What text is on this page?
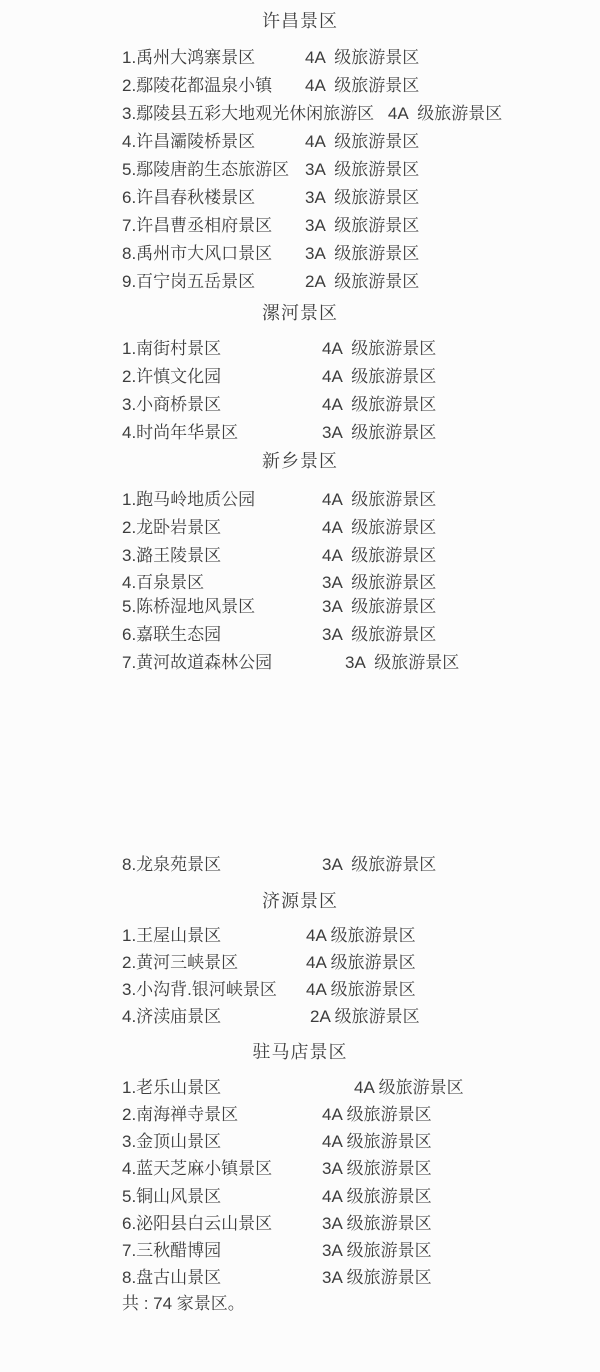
许昌景区
1.禹州大鸿寨景区	4A  级旅游景区
2.鄢陵花都温泉小镇 4A  级旅游景区
3.鄢陵县五彩大地观光休闲旅游区 4A  级旅游景区
4.许昌灞陵桥景区	4A  级旅游景区
5.鄢陵唐韵生态旅游区 3A  级旅游景区
6.许昌春秋楼景区	3A  级旅游景区
7.许昌曹丞相府景区 3A  级旅游景区
8.禹州市大风口景区 3A  级旅游景区
9.百宁岗五岳景区	2A  级旅游景区
漯河景区
1.南街村景区	4A  级旅游景区
2.许慎文化园	4A  级旅游景区
3.小商桥景区	4A  级旅游景区
4.时尚年华景区	3A  级旅游景区
新乡景区
1.跑马岭地质公园	4A  级旅游景区
2.龙卧岩景区	4A  级旅游景区
3.潞王陵景区	4A  级旅游景区
4.百泉景区	3A  级旅游景区
5.陈桥湿地风景区	3A  级旅游景区
6.嘉联生态园	3A  级旅游景区
7.黄河故道森林公园	3A  级旅游景区
8.龙泉苑景区	3A  级旅游景区
济源景区
1.王屋山景区	4A 级旅游景区
2.黄河三峡景区	4A 级旅游景区
3.小沟背.银河峡景区 4A 级旅游景区
4.济渎庙景区	2A 级旅游景区
驻马店景区
1.老乐山景区	4A 级旅游景区
2.南海禅寺景区	4A 级旅游景区
3.金顶山景区	4A 级旅游景区
4.蓝天芝麻小镇景区	3A 级旅游景区
5.铜山风景区	4A 级旅游景区
6.泌阳县白云山景区	3A 级旅游景区
7.三秋醋博园	3A 级旅游景区
8.盘古山景区	3A 级旅游景区
共 : 74 家景区。
